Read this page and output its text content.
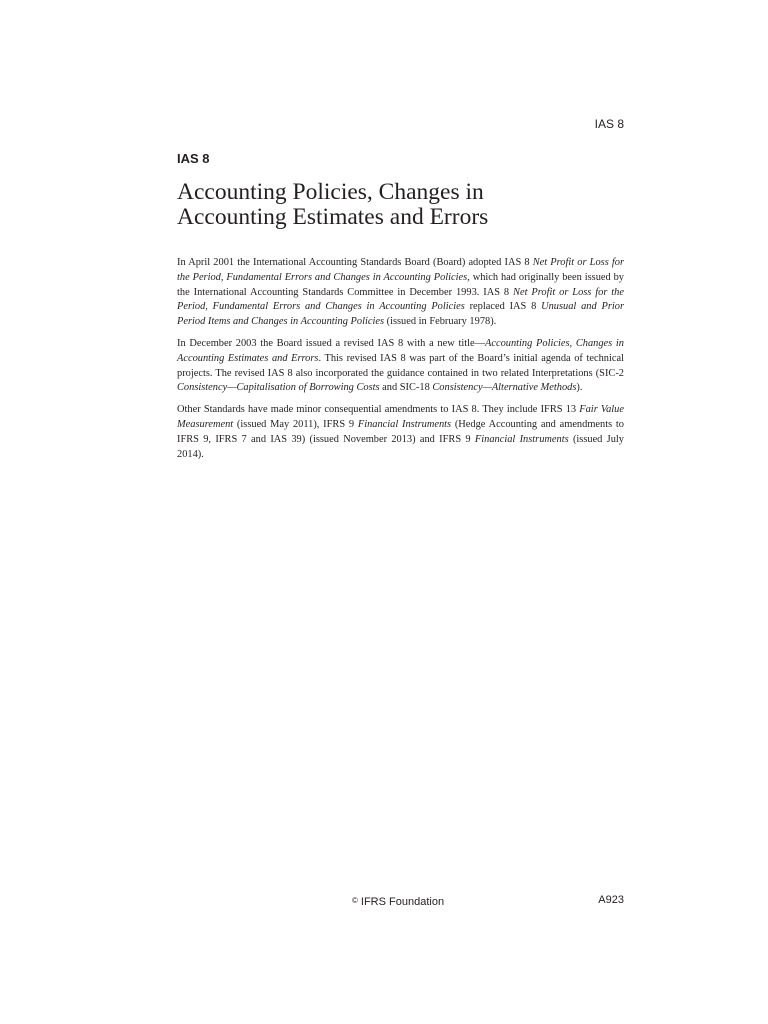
IAS 8
IAS 8
Accounting Policies, Changes in
Accounting Estimates and Errors

In April 2001 the International Accounting Standards Board (Board) adopted IAS 8 Net Profit or Loss for the Period, Fundamental Errors and Changes in Accounting Policies, which had originally been issued by the International Accounting Standards Committee in December 1993. IAS 8 Net Profit or Loss for the Period, Fundamental Errors and Changes in Accounting Policies replaced IAS 8 Unusual and Prior Period Items and Changes in Accounting Policies (issued in February 1978).

In December 2003 the Board issued a revised IAS 8 with a new title—Accounting Policies, Changes in Accounting Estimates and Errors. This revised IAS 8 was part of the Board’s initial agenda of technical projects. The revised IAS 8 also incorporated the guidance contained in two related Interpretations (SIC-2 Consistency—Capitalisation of Borrowing Costs and SIC-18 Consistency—Alternative Methods).

Other Standards have made minor consequential amendments to IAS 8. They include IFRS 13 Fair Value Measurement (issued May 2011), IFRS 9 Financial Instruments (Hedge Accounting and amendments to IFRS 9, IFRS 7 and IAS 39) (issued November 2013) and IFRS 9 Financial Instruments (issued July 2014).

© IFRS Foundation	A923
